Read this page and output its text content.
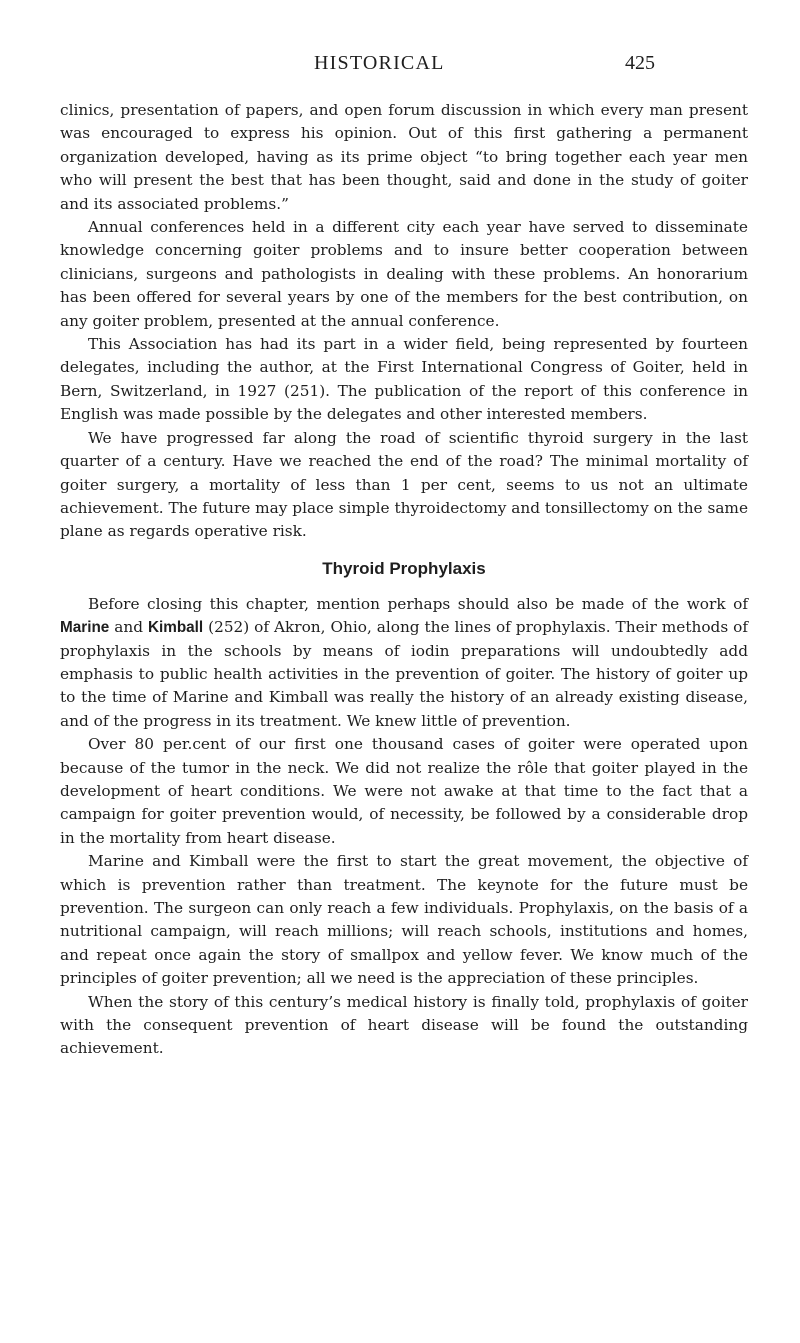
HISTORICAL	425

clinics, presentation of papers, and open forum discussion in which every man present was encouraged to express his opinion. Out of this first gathering a permanent organization developed, having as its prime object “to bring together each year men who will present the best that has been thought, said and done in the study of goiter and its associated problems.”

Annual conferences held in a different city each year have served to disseminate knowledge concerning goiter problems and to insure better cooperation between clinicians, surgeons and pathologists in dealing with these problems. An honorarium has been offered for several years by one of the members for the best contribution, on any goiter problem, presented at the annual conference.

This Association has had its part in a wider field, being represented by fourteen delegates, including the author, at the First International Congress of Goiter, held in Bern, Switzerland, in 1927 (251). The publication of the report of this conference in English was made possible by the delegates and other interested members.

We have progressed far along the road of scientific thyroid surgery in the last quarter of a century. Have we reached the end of the road? The minimal mortality of goiter surgery, a mortality of less than 1 per cent, seems to us not an ultimate achievement. The future may place simple thyroidectomy and tonsillectomy on the same plane as regards operative risk.

Thyroid Prophylaxis

Before closing this chapter, mention perhaps should also be made of the work of Marine and Kimball (252) of Akron, Ohio, along the lines of prophylaxis. Their methods of prophylaxis in the schools by means of iodin preparations will undoubtedly add emphasis to public health activities in the prevention of goiter. The history of goiter up to the time of Marine and Kimball was really the history of an already existing disease, and of the progress in its treatment. We knew little of prevention.

Over 80 per.cent of our first one thousand cases of goiter were operated upon because of the tumor in the neck. We did not realize the rôle that goiter played in the development of heart conditions. We were not awake at that time to the fact that a campaign for goiter prevention would, of necessity, be followed by a considerable drop in the mortality from heart disease.

Marine and Kimball were the first to start the great movement, the objective of which is prevention rather than treatment. The keynote for the future must be prevention. The surgeon can only reach a few individuals. Prophylaxis, on the basis of a nutritional campaign, will reach millions; will reach schools, institutions and homes, and repeat once again the story of smallpox and yellow fever. We know much of the principles of goiter prevention; all we need is the appreciation of these principles.

When the story of this century’s medical history is finally told, prophylaxis of goiter with the consequent prevention of heart disease will be found the outstanding achievement.
